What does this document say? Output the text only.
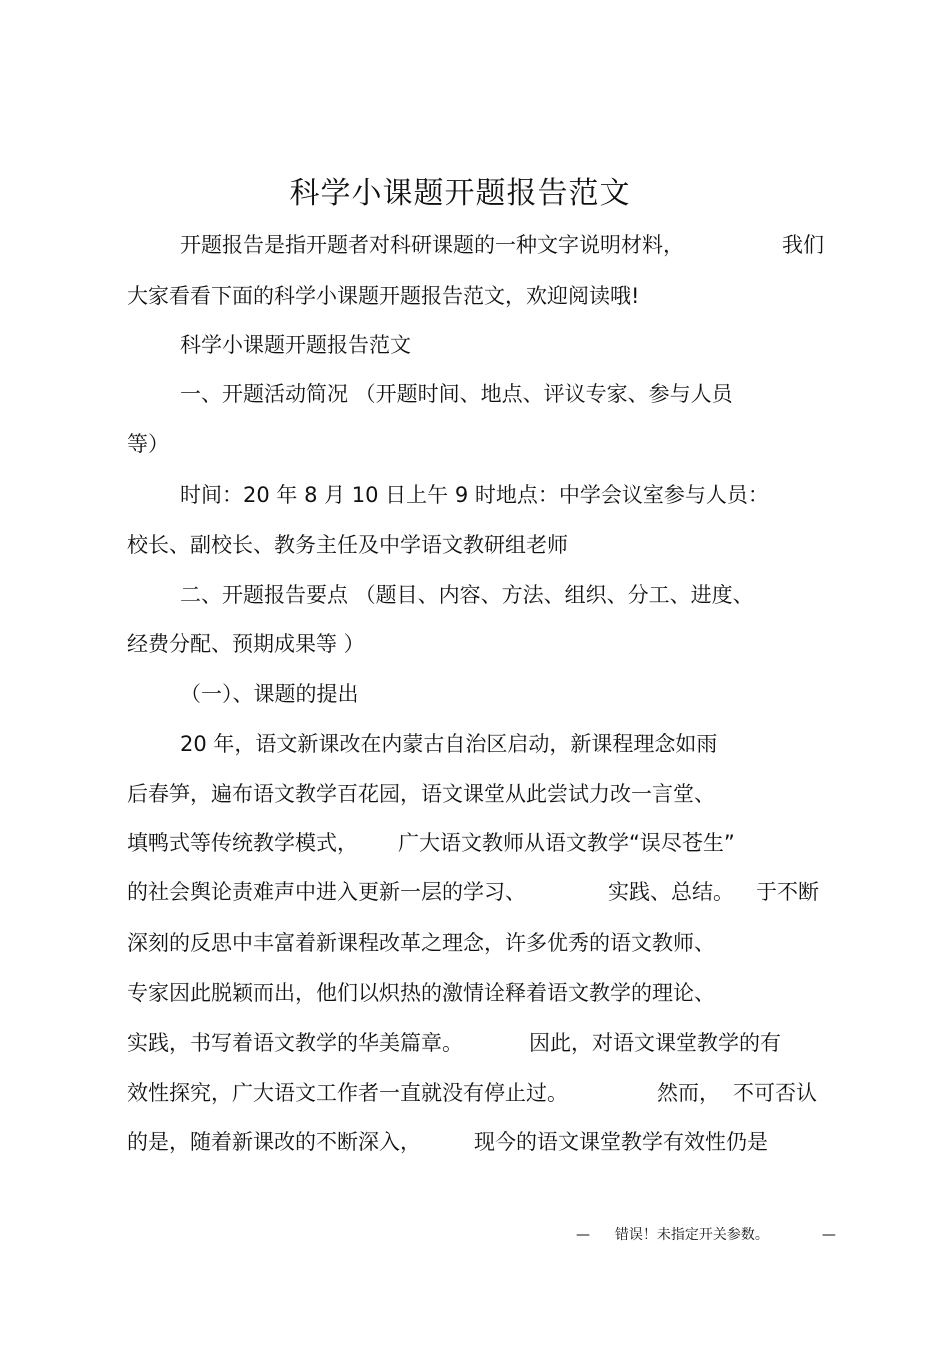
科学小课题开题报告范文
开题报告是指开题者对科研课题的一种文字说明材料，	我们
大家看看下面的科学小课题开题报告范文，欢迎阅读哦!
科学小课题开题报告范文
一、开题活动简况 （开题时间、地点、评议专家、参与人员
等）
时间：20 年 8 月 10 日上午 9 时地点：中学会议室参与人员：
校长、副校长、教务主任及中学语文教研组老师
二、开题报告要点 （题目、内容、方法、组织、分工、进度、
经费分配、预期成果等 ）
（一）、课题的提出
20 年，语文新课改在内蒙古自治区启动，新课程理念如雨
后春笋，遍布语文教学百花园，语文课堂从此尝试力改一言堂、
填鸭式等传统教学模式， 广大语文教师从语文教学“误尽苍生”
的社会舆论责难声中进入更新一层的学习、	实践、总结。 于不断
深刻的反思中丰富着新课程改革之理念，许多优秀的语文教师、
专家因此脱颖而出，他们以炽热的激情诠释着语文教学的理论、
实践，书写着语文教学的华美篇章。	因此，对语文课堂教学的有
效性探究，广大语文工作者一直就没有停止过。	然而， 不可否认
的是，随着新课改的不断深入，	现今的语文课堂教学有效性仍是
— 错误！未指定开关参数。	—
